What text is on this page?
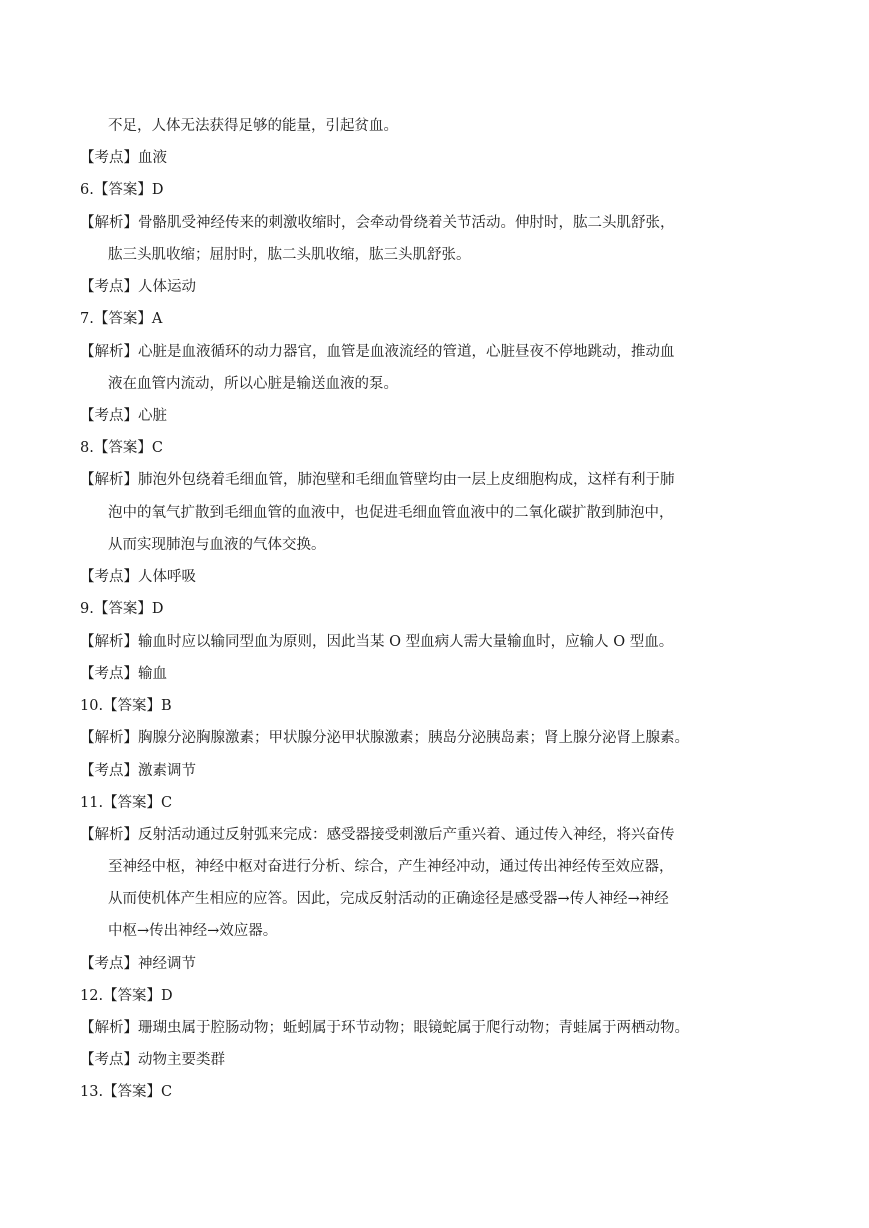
不足，人体无法获得足够的能量，引起贫血。
【考点】血液
6.【答案】D
【解析】骨骼肌受神经传来的刺激收缩时，会牵动骨绕着关节活动。伸肘时，肱二头肌舒张，
肱三头肌收缩；屈肘时，肱二头肌收缩，肱三头肌舒张。
【考点】人体运动
7.【答案】A
【解析】心脏是血液循环的动力器官，血管是血液流经的管道，心脏昼夜不停地跳动，推动血
液在血管内流动，所以心脏是输送血液的泵。
【考点】心脏
8.【答案】C
【解析】肺泡外包绕着毛细血管，肺泡壁和毛细血管壁均由一层上皮细胞构成，这样有利于肺
泡中的氧气扩散到毛细血管的血液中，也促进毛细血管血液中的二氧化碳扩散到肺泡中，
从而实现肺泡与血液的气体交换。
【考点】人体呼吸
9.【答案】D
【解析】输血时应以输同型血为原则，因此当某 O 型血病人需大量输血时，应输人 O 型血。
【考点】输血
10.【答案】B
【解析】胸腺分泌胸腺激素；甲状腺分泌甲状腺激素；胰岛分泌胰岛素；肾上腺分泌肾上腺素。
【考点】激素调节
11.【答案】C
【解析】反射活动通过反射弧来完成：感受器接受刺激后产重兴着、通过传入神经，将兴奋传
至神经中枢，神经中枢对奋进行分析、综合，产生神经冲动，通过传出神经传至效应器，
从而使机体产生相应的应答。因此，完成反射活动的正确途径是感受器→传人神经→神经
中枢→传出神经→效应器。
【考点】神经调节
12.【答案】D
【解析】珊瑚虫属于腔肠动物；蚯蚓属于环节动物；眼镜蛇属于爬行动物；青蛙属于两栖动物。
【考点】动物主要类群
13.【答案】C
